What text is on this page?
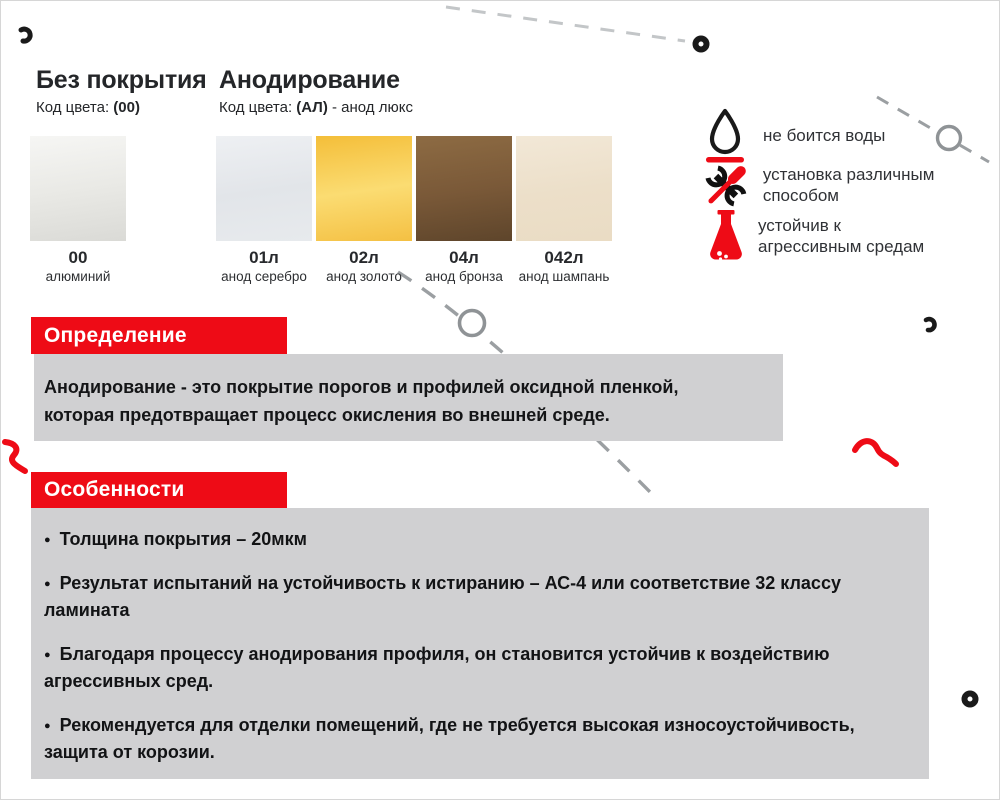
Без покрытия
Код цвета: (00)
Анодирование
Код цвета: (АЛ) - анод люкс
00
алюминий
01л
анод серебро
02л
анод золото
04л
анод бронза
042л
анод шампань
не боится воды
установка различным способом
устойчив к агрессивным средам
Определение

Анодирование - это покрытие порогов и профилей оксидной пленкой, которая предотвращает процесс окисления во внешней среде.

Особенности
● Толщина покрытия – 20мкм
● Результат испытаний на устойчивость к истиранию – АС-4 или соответствие 32 классу ламината
● Благодаря процессу анодирования профиля, он становится устойчив к воздействию агрессивных сред.
● Рекомендуется для отделки помещений, где не требуется высокая износоустойчивость, защита от корозии.
